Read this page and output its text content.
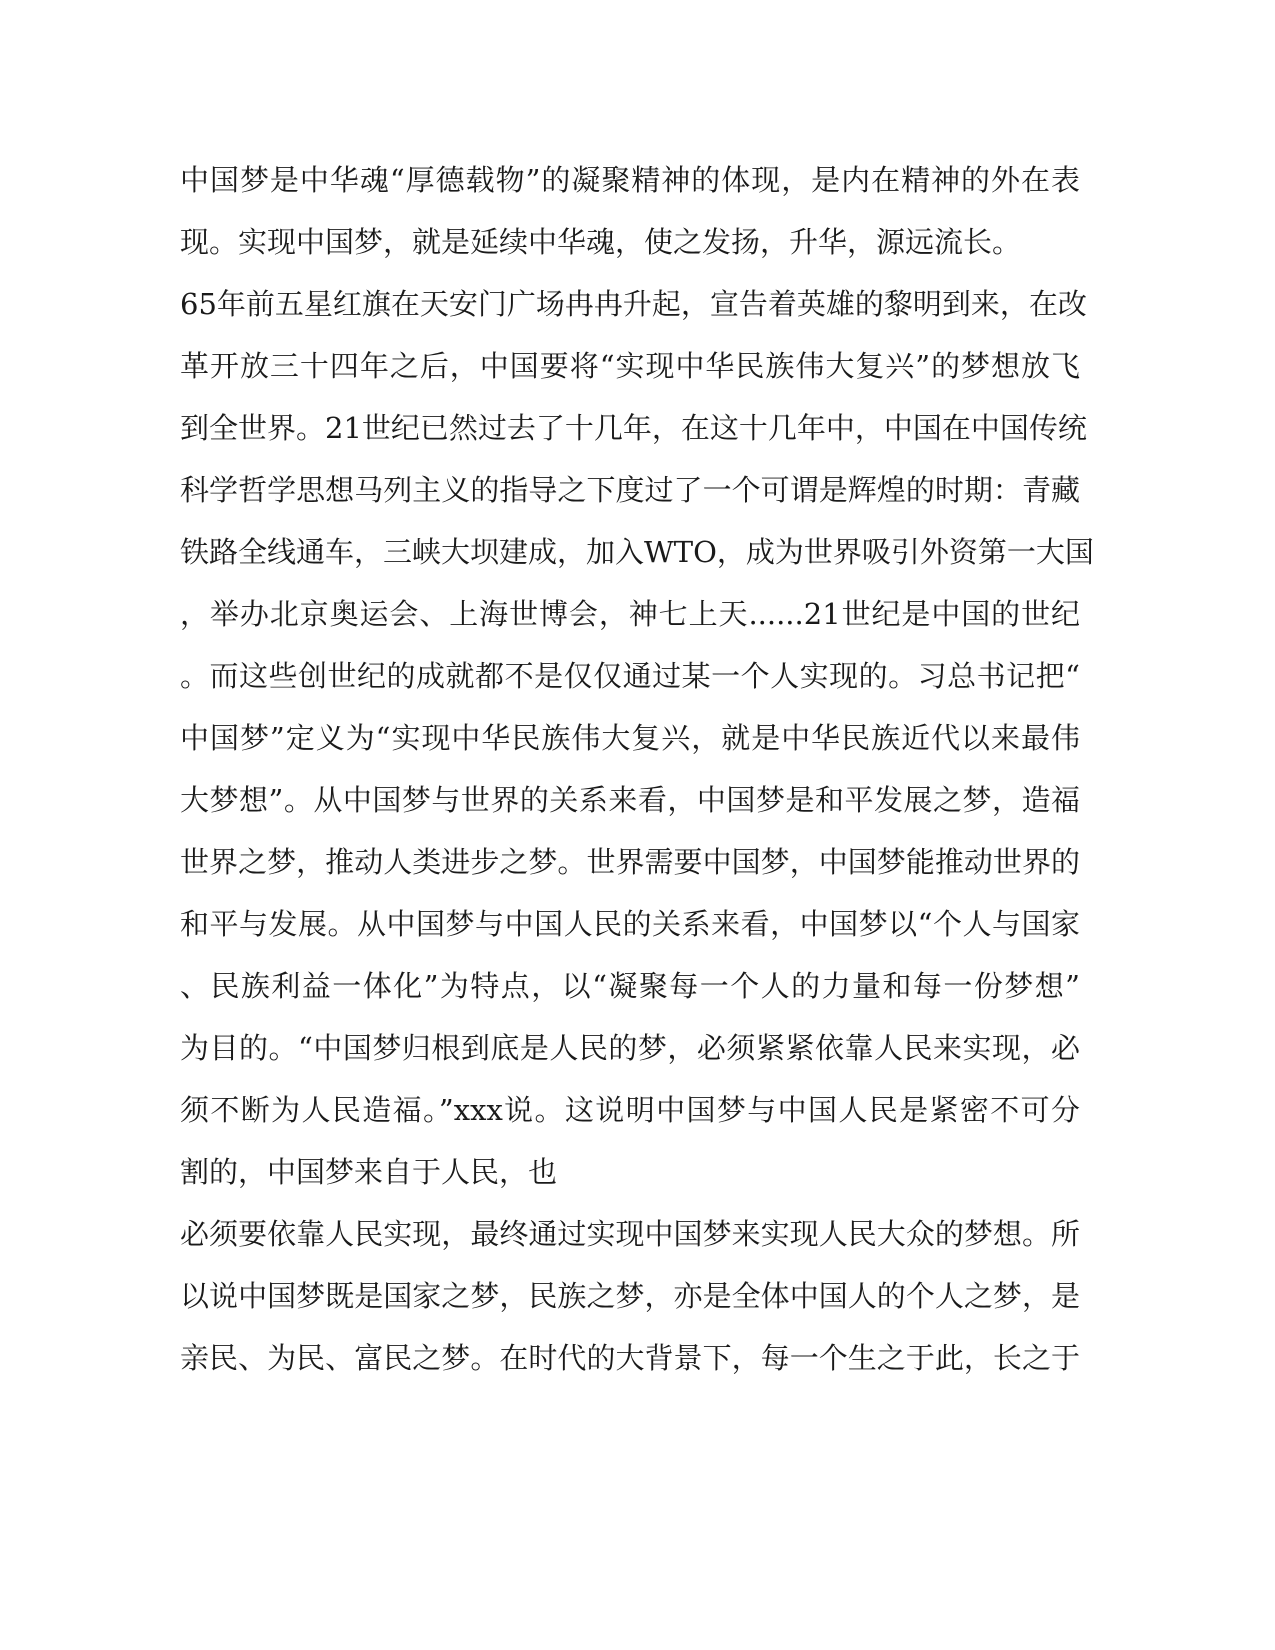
中国梦是中华魂“厚德载物”的凝聚精神的体现，是内在精神的外在表
现。实现中国梦，就是延续中华魂，使之发扬，升华，源远流长。
65年前五星红旗在天安门广场冉冉升起，宣告着英雄的黎明到来，在改
革开放三十四年之后，中国要将“实现中华民族伟大复兴”的梦想放飞
到全世界。21世纪已然过去了十几年，在这十几年中，中国在中国传统
科学哲学思想马列主义的指导之下度过了一个可谓是辉煌的时期：青藏
铁路全线通车，三峡大坝建成，加入WTO，成为世界吸引外资第一大国
，举办北京奥运会、上海世博会，神七上天......21世纪是中国的世纪
。而这些创世纪的成就都不是仅仅通过某一个人实现的。习总书记把“
中国梦”定义为“实现中华民族伟大复兴，就是中华民族近代以来最伟
大梦想”。从中国梦与世界的关系来看，中国梦是和平发展之梦，造福
世界之梦，推动人类进步之梦。世界需要中国梦，中国梦能推动世界的
和平与发展。从中国梦与中国人民的关系来看，中国梦以“个人与国家
、民族利益一体化”为特点，以“凝聚每一个人的力量和每一份梦想”
为目的。“中国梦归根到底是人民的梦，必须紧紧依靠人民来实现，必
须不断为人民造福。”xxx说。这说明中国梦与中国人民是紧密不可分
割的，中国梦来自于人民，也
必须要依靠人民实现，最终通过实现中国梦来实现人民大众的梦想。所
以说中国梦既是国家之梦，民族之梦，亦是全体中国人的个人之梦，是
亲民、为民、富民之梦。在时代的大背景下，每一个生之于此，长之于
